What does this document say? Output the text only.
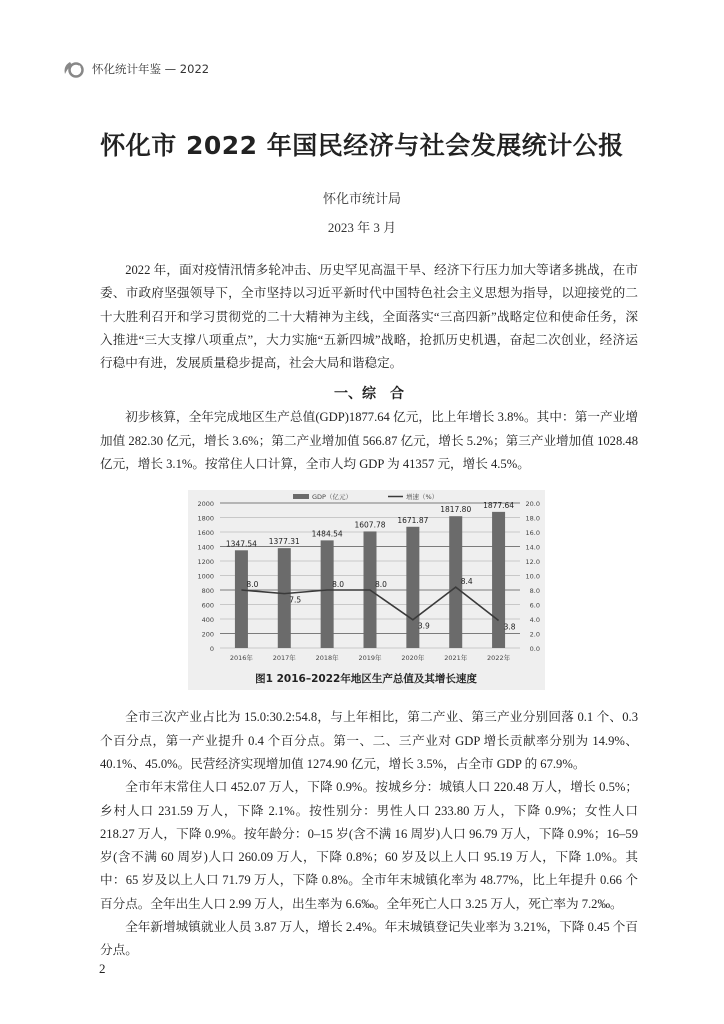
怀化统计年鉴 — 2022
怀化市 2022 年国民经济与社会发展统计公报
怀化市统计局
2023 年 3 月

2022 年，面对疫情汛情多轮冲击、历史罕见高温干旱、经济下行压力加大等诸多挑战，在市委、市政府坚强领导下，全市坚持以习近平新时代中国特色社会主义思想为指导，以迎接党的二十大胜利召开和学习贯彻党的二十大精神为主线，全面落实“三高四新”战略定位和使命任务，深入推进“三大支撑八项重点”，大力实施“五新四城”战略，抢抓历史机遇，奋起二次创业，经济运行稳中有进，发展质量稳步提高，社会大局和谐稳定。

一、综　合

初步核算，全年完成地区生产总值(GDP)1877.64 亿元，比上年增长 3.8%。其中：第一产业增加值 282.30 亿元，增长 3.6%；第二产业增加值 566.87 亿元，增长 5.2%；第三产业增加值 1028.48 亿元，增长 3.1%。按常住人口计算，全市人均 GDP 为 41357 元，增长 4.5%。

0	0.0
200	2.0
400	4.0
600	6.0
800	8.0
1000	10.0
1200	12.0
1400	14.0
1600	16.0
1800	18.0
2000	20.0
1347.54
2016年
1377.31
2017年
1484.54
2018年
1607.78
2019年
1671.87
2020年
1817.80
2021年
1877.64
2022年
8.0
7.5
8.0	8.0
3.9
8.4
3.8
GDP（亿元）	增速（%）
图1 2016–2022年地区生产总值及其增长速度

全市三次产业占比为 15.0:30.2:54.8，与上年相比，第二产业、第三产业分别回落 0.1 个、0.3 个百分点，第一产业提升 0.4 个百分点。第一、二、三产业对 GDP 增长贡献率分别为 14.9%、40.1%、45.0%。民营经济实现增加值 1274.90 亿元，增长 3.5%，占全市 GDP 的 67.9%。

全市年末常住人口 452.07 万人，下降 0.9%。按城乡分：城镇人口 220.48 万人，增长 0.5%；乡村人口 231.59 万人，下降 2.1%。按性别分：男性人口 233.80 万人，下降 0.9%；女性人口 218.27 万人，下降 0.9%。按年龄分：0–15 岁(含不满 16 周岁)人口 96.79 万人，下降 0.9%；16–59 岁(含不满 60 周岁)人口 260.09 万人，下降 0.8%；60 岁及以上人口 95.19 万人，下降 1.0%。其中：65 岁及以上人口 71.79 万人，下降 0.8%。全市年末城镇化率为 48.77%，比上年提升 0.66 个百分点。全年出生人口 2.99 万人，出生率为 6.6‰。全年死亡人口 3.25 万人，死亡率为 7.2‰。

全年新增城镇就业人员 3.87 万人，增长 2.4%。年末城镇登记失业率为 3.21%，下降 0.45 个百分点。

2
